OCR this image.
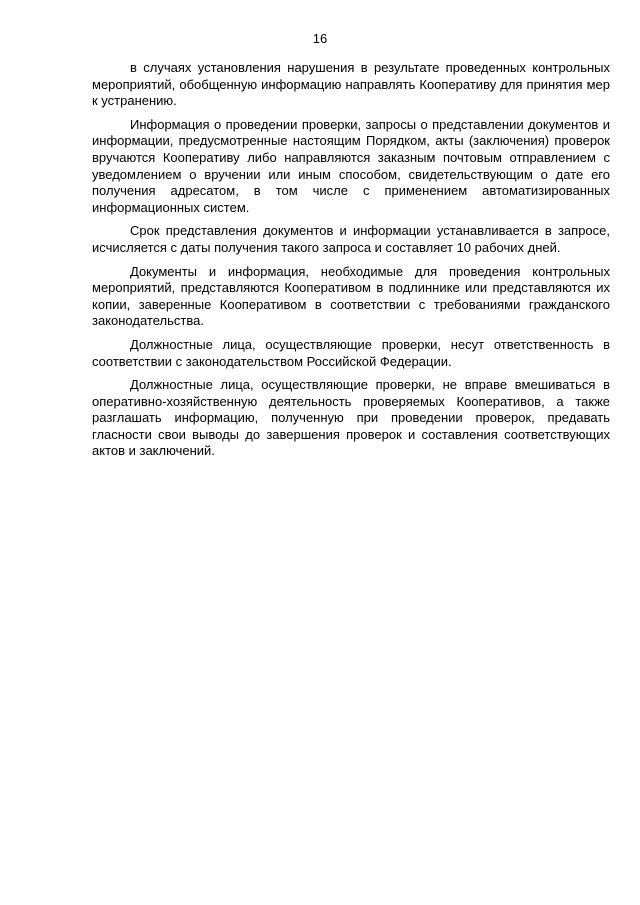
16

в случаях установления нарушения в результате проведенных контрольных мероприятий, обобщенную информацию направлять Кооперативу для принятия мер к устранению.

Информация о проведении проверки, запросы о представлении документов и информации, предусмотренные настоящим Порядком, акты (заключения) проверок вручаются Кооперативу либо направляются заказным почтовым отправлением с уведомлением о вручении или иным способом, свидетельствующим о дате его получения адресатом, в том числе с применением автоматизированных информационных систем.

Срок представления документов и информации устанавливается в запросе, исчисляется с даты получения такого запроса и составляет 10 рабочих дней.

Документы и информация, необходимые для проведения контрольных мероприятий, представляются Кооперативом в подлиннике или представляются их копии, заверенные Кооперативом в соответствии с требованиями гражданского законодательства.

Должностные лица, осуществляющие проверки, несут ответственность в соответствии с законодательством Российской Федерации.

Должностные лица, осуществляющие проверки, не вправе вмешиваться в оперативно-хозяйственную деятельность проверяемых Кооперативов, а также разглашать информацию, полученную при проведении проверок, предавать гласности свои выводы до завершения проверок и составления соответствующих актов и заключений.
